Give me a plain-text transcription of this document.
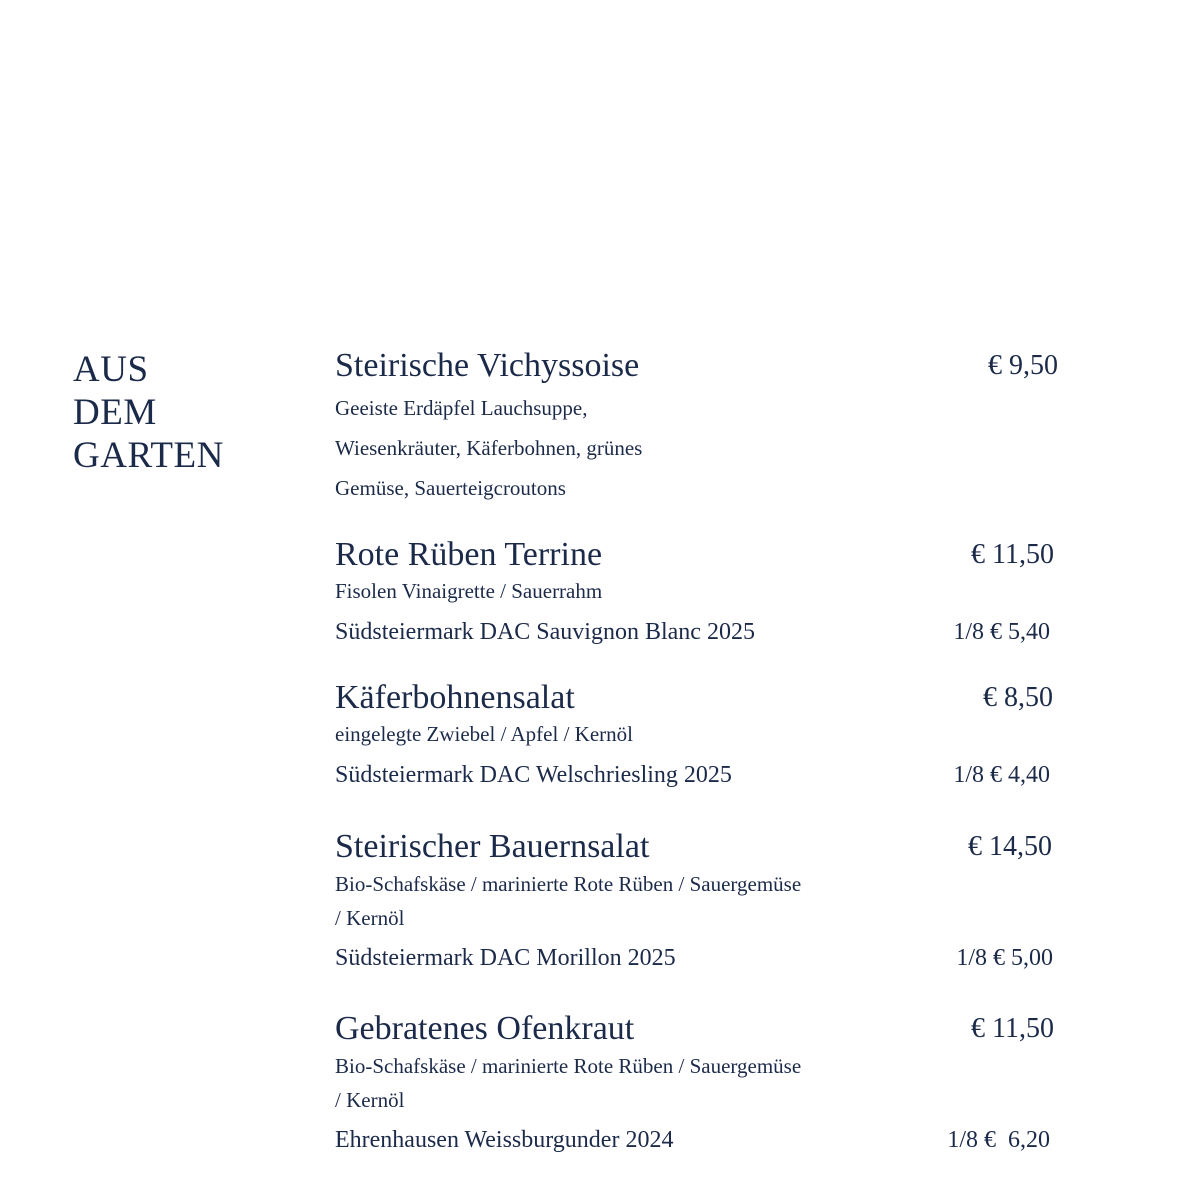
AUS
DEM
GARTEN
Steirische Vichyssoise	€ 9,50
Geeiste Erdäpfel Lauchsuppe,
Wiesenkräuter, Käferbohnen, grünes
Gemüse, Sauerteigcroutons
Rote Rüben Terrine	€ 11,50
Fisolen Vinaigrette / Sauerrahm
Südsteiermark DAC Sauvignon Blanc 2025	1/8 € 5,40
Käferbohnensalat	€ 8,50
eingelegte Zwiebel / Apfel / Kernöl
Südsteiermark DAC Welschriesling 2025	1/8 € 4,40
Steirischer Bauernsalat	€ 14,50
Bio-Schafskäse / marinierte Rote Rüben / Sauergemüse
/ Kernöl
Südsteiermark DAC Morillon 2025	1/8 € 5,00
Gebratenes Ofenkraut	€ 11,50
Bio-Schafskäse / marinierte Rote Rüben / Sauergemüse
/ Kernöl
Ehrenhausen Weissburgunder 2024	1/8 €  6,20
